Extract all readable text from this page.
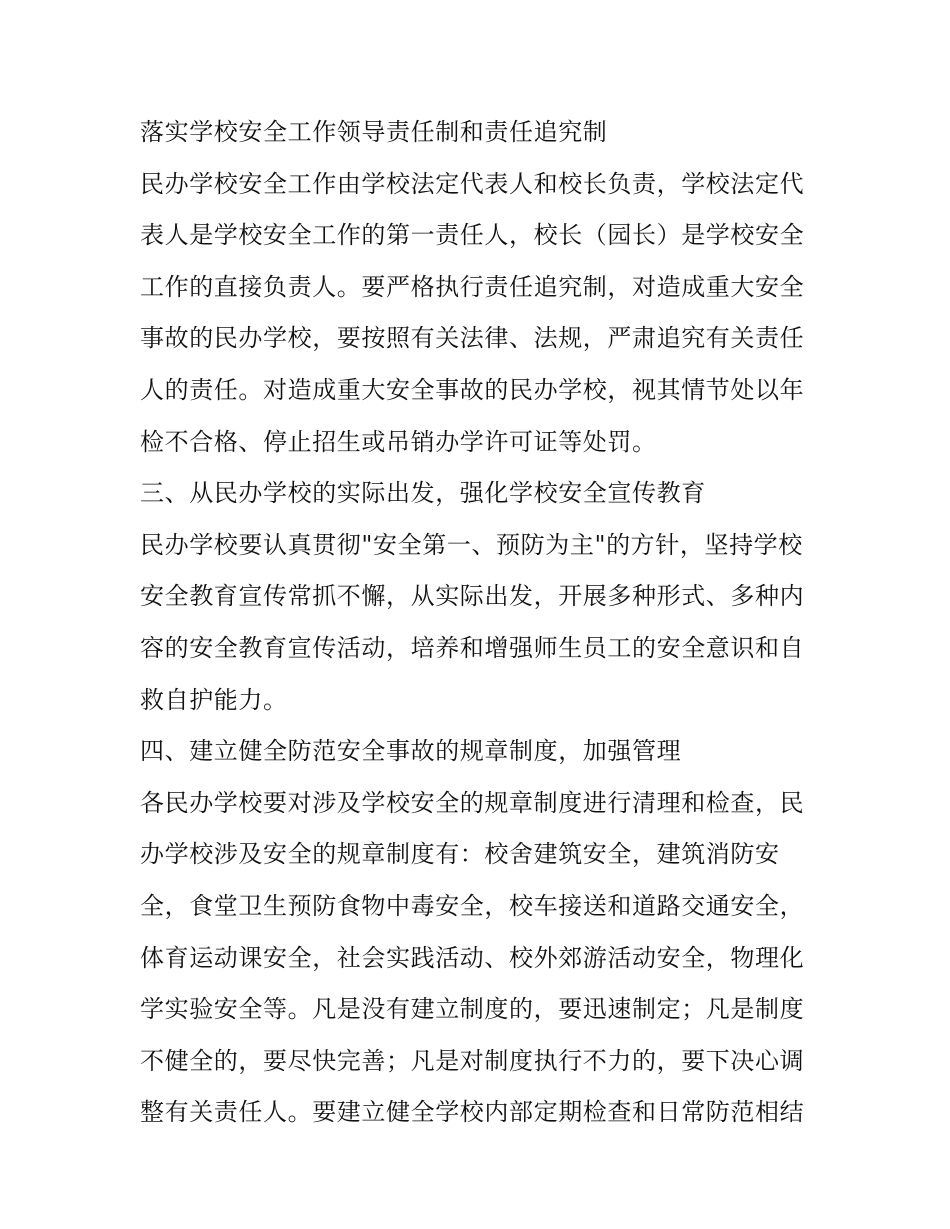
落实学校安全工作领导责任制和责任追究制
民办学校安全工作由学校法定代表人和校长负责，学校法定代
表人是学校安全工作的第一责任人，校长（园长）是学校安全
工作的直接负责人。要严格执行责任追究制，对造成重大安全
事故的民办学校，要按照有关法律、法规，严肃追究有关责任
人的责任。对造成重大安全事故的民办学校，视其情节处以年
检不合格、停止招生或吊销办学许可证等处罚。
三、从民办学校的实际出发，强化学校安全宣传教育
民办学校要认真贯彻"安全第一、预防为主"的方针，坚持学校
安全教育宣传常抓不懈，从实际出发，开展多种形式、多种内
容的安全教育宣传活动，培养和增强师生员工的安全意识和自
救自护能力。
四、建立健全防范安全事故的规章制度，加强管理
各民办学校要对涉及学校安全的规章制度进行清理和检查，民
办学校涉及安全的规章制度有：校舍建筑安全，建筑消防安
全，食堂卫生预防食物中毒安全，校车接送和道路交通安全，
体育运动课安全，社会实践活动、校外郊游活动安全，物理化
学实验安全等。凡是没有建立制度的，要迅速制定；凡是制度
不健全的，要尽快完善；凡是对制度执行不力的，要下决心调
整有关责任人。要建立健全学校内部定期检查和日常防范相结
